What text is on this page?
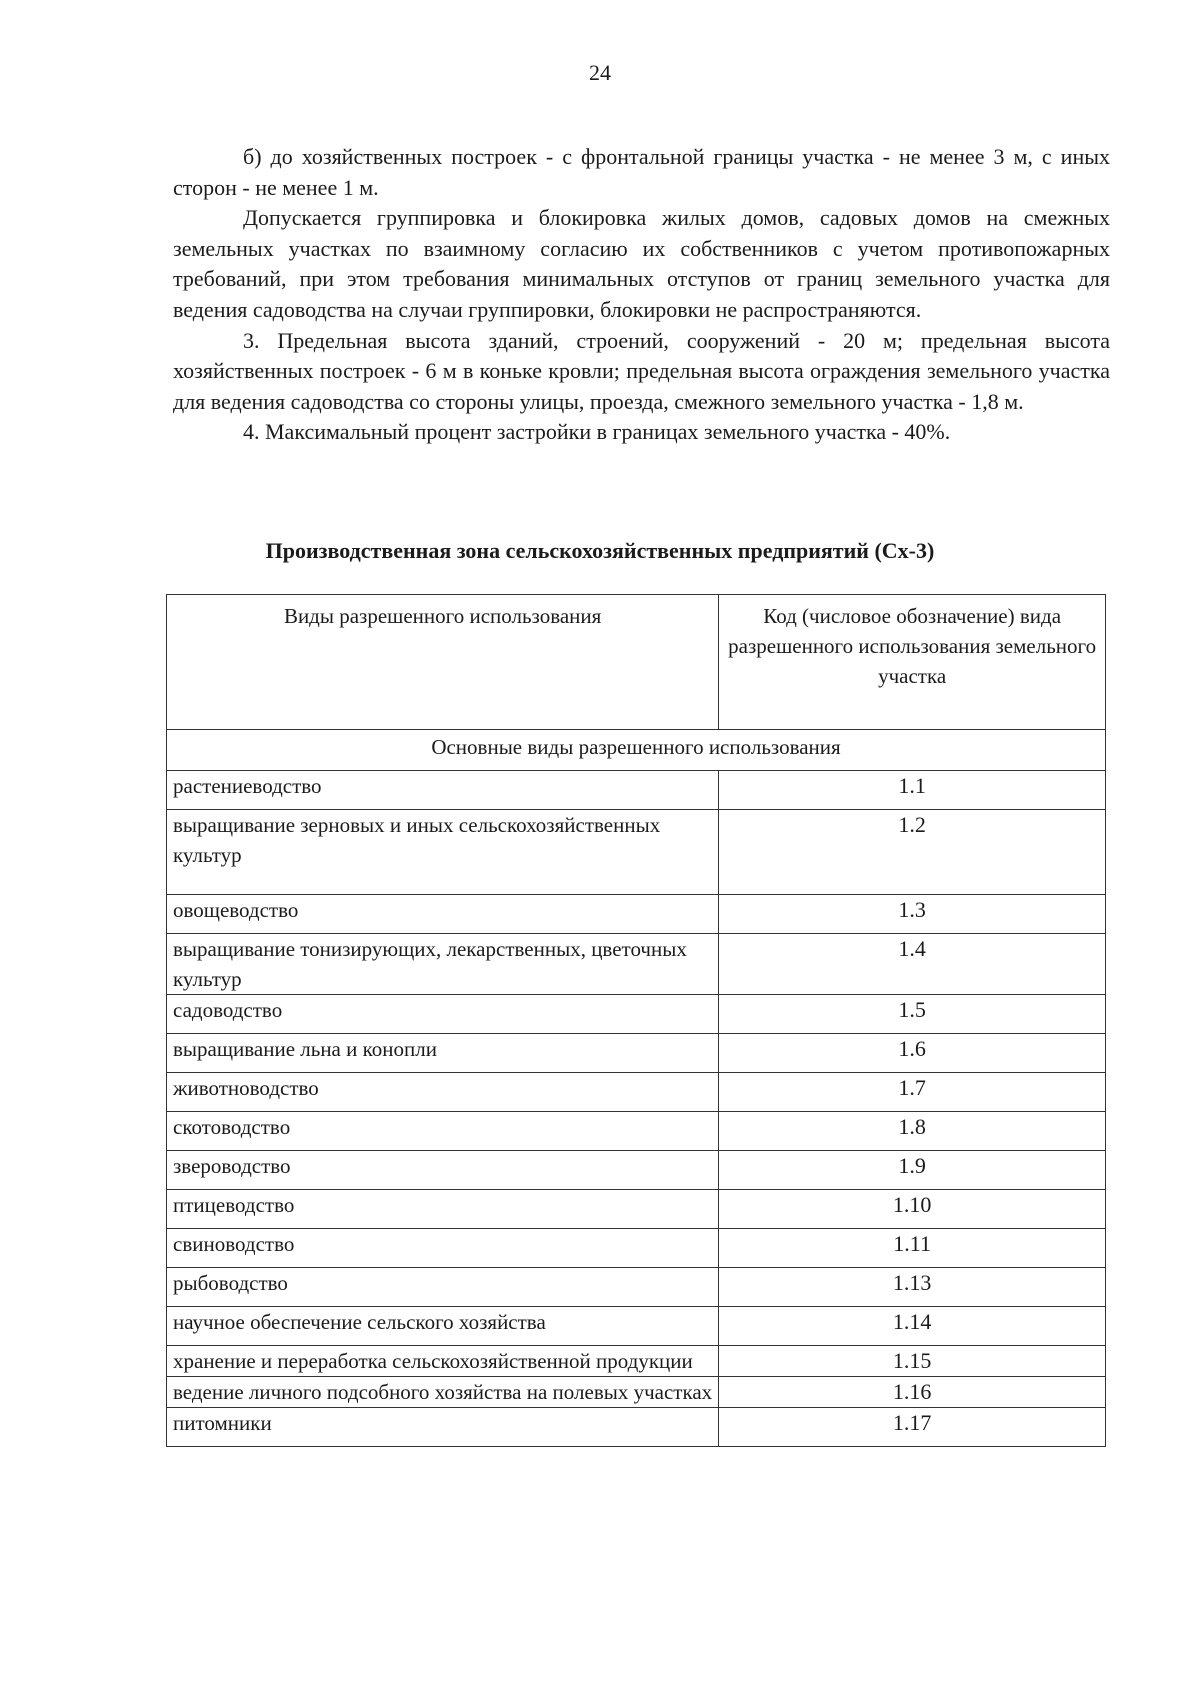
24

б) до хозяйственных построек - с фронтальной границы участка - не менее 3 м, с иных сторон - не менее 1 м.

Допускается группировка и блокировка жилых домов, садовых домов на смежных земельных участках по взаимному согласию их собственников с учетом противопожарных требований, при этом требования минимальных отступов от границ земельного участка для ведения садоводства на случаи группировки, блокировки не распространяются.

3. Предельная высота зданий, строений, сооружений - 20 м; предельная высота хозяйственных построек - 6 м в коньке кровли; предельная высота ограждения земельного участка для ведения садоводства со стороны улицы, проезда, смежного земельного участка - 1,8 м.

4. Максимальный процент застройки в границах земельного участка - 40%.

Производственная зона сельскохозяйственных предприятий (Сх-3)
Виды разрешенного использования	Код (числовое обозначение) вида разрешенного использования земельного участка
Основные виды разрешенного использования	
растениеводство	1.1
выращивание зерновых и иных сельскохозяйственных культур	1.2
овощеводство	1.3
выращивание тонизирующих, лекарственных, цветочных культур	1.4
садоводство	1.5
выращивание льна и конопли	1.6
животноводство	1.7
скотоводство	1.8
звероводство	1.9
птицеводство	1.10
свиноводство	1.11
рыбоводство	1.13
научное обеспечение сельского хозяйства	1.14
хранение и переработка сельскохозяйственной продукции	1.15
ведение личного подсобного хозяйства на полевых участках	1.16
питомники	1.17
